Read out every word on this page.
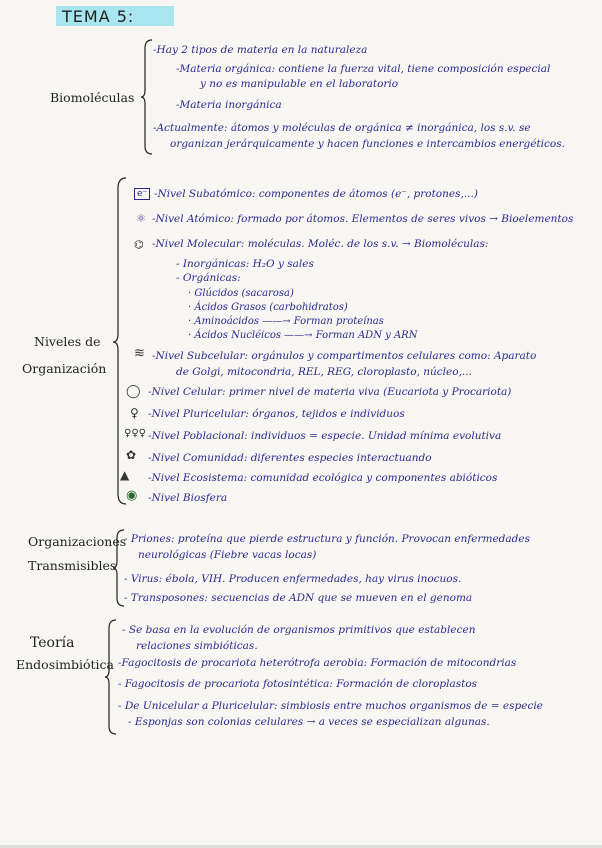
TEMA 5:
Biomoléculas
-Hay 2 tipos de materia en la naturaleza
-Materia orgánica: contiene la fuerza vital, tiene composición especial
y no es manipulable en el laboratorio
-Materia inorgánica
-Actualmente: átomos y moléculas de orgánica ≠ inorgánica, los s.v. se
organizan jerárquicamente y hacen funciones e intercambios energéticos.
Niveles de
Organización
e⁻ -Nivel Subatómico: componentes de átomos (e⁻, protones,...)
⚛ -Nivel Atómico: formado por átomos. Elementos de seres vivos → Bioelementos
⌬ -Nivel Molecular: moléculas. Moléc. de los s.v. → Biomoléculas:
- Inorgánicas: H₂O y sales
- Orgánicas:
· Glúcidos (sacarosa)
· Ácidos Grasos (carbohidratos)
· Aminoácidos ——→ Forman proteínas
· Ácidos Nucléicos ——→ Forman ADN y ARN
≋ -Nivel Subcelular: orgánulos y compartimentos celulares como: Aparato
de Golgi, mitocondria, REL, REG, cloroplasto, núcleo,...
◯ -Nivel Celular: primer nivel de materia viva (Eucariota y Procariota)
♀ -Nivel Pluricelular: órganos, tejidos e individuos
♀♀♀ -Nivel Poblacional: individuos = especie. Unidad mínima evolutiva
✿ -Nivel Comunidad: diferentes especies interactuando
▲ -Nivel Ecosistema: comunidad ecológica y componentes abióticos
◉ -Nivel Biosfera
Organizaciones
Transmisibles
- Priones: proteína que pierde estructura y función. Provocan enfermedades
neurológicas (Fiebre vacas locas)
- Virus: ébola, VIH. Producen enfermedades, hay virus inocuos.
- Transposones: secuencias de ADN que se mueven en el genoma
Teoría
Endosimbiótica
- Se basa en la evolución de organismos primitivos que establecen
relaciones simbióticas.
-Fagocitosis de procariota heterótrofa aerobia: Formación de mitocondrias
- Fagocitosis de procariota fotosintética: Formación de cloroplastos
- De Unicelular a Pluricelular: simbiosis entre muchos organismos de = especie
- Esponjas son colonias celulares → a veces se especializan algunas.
